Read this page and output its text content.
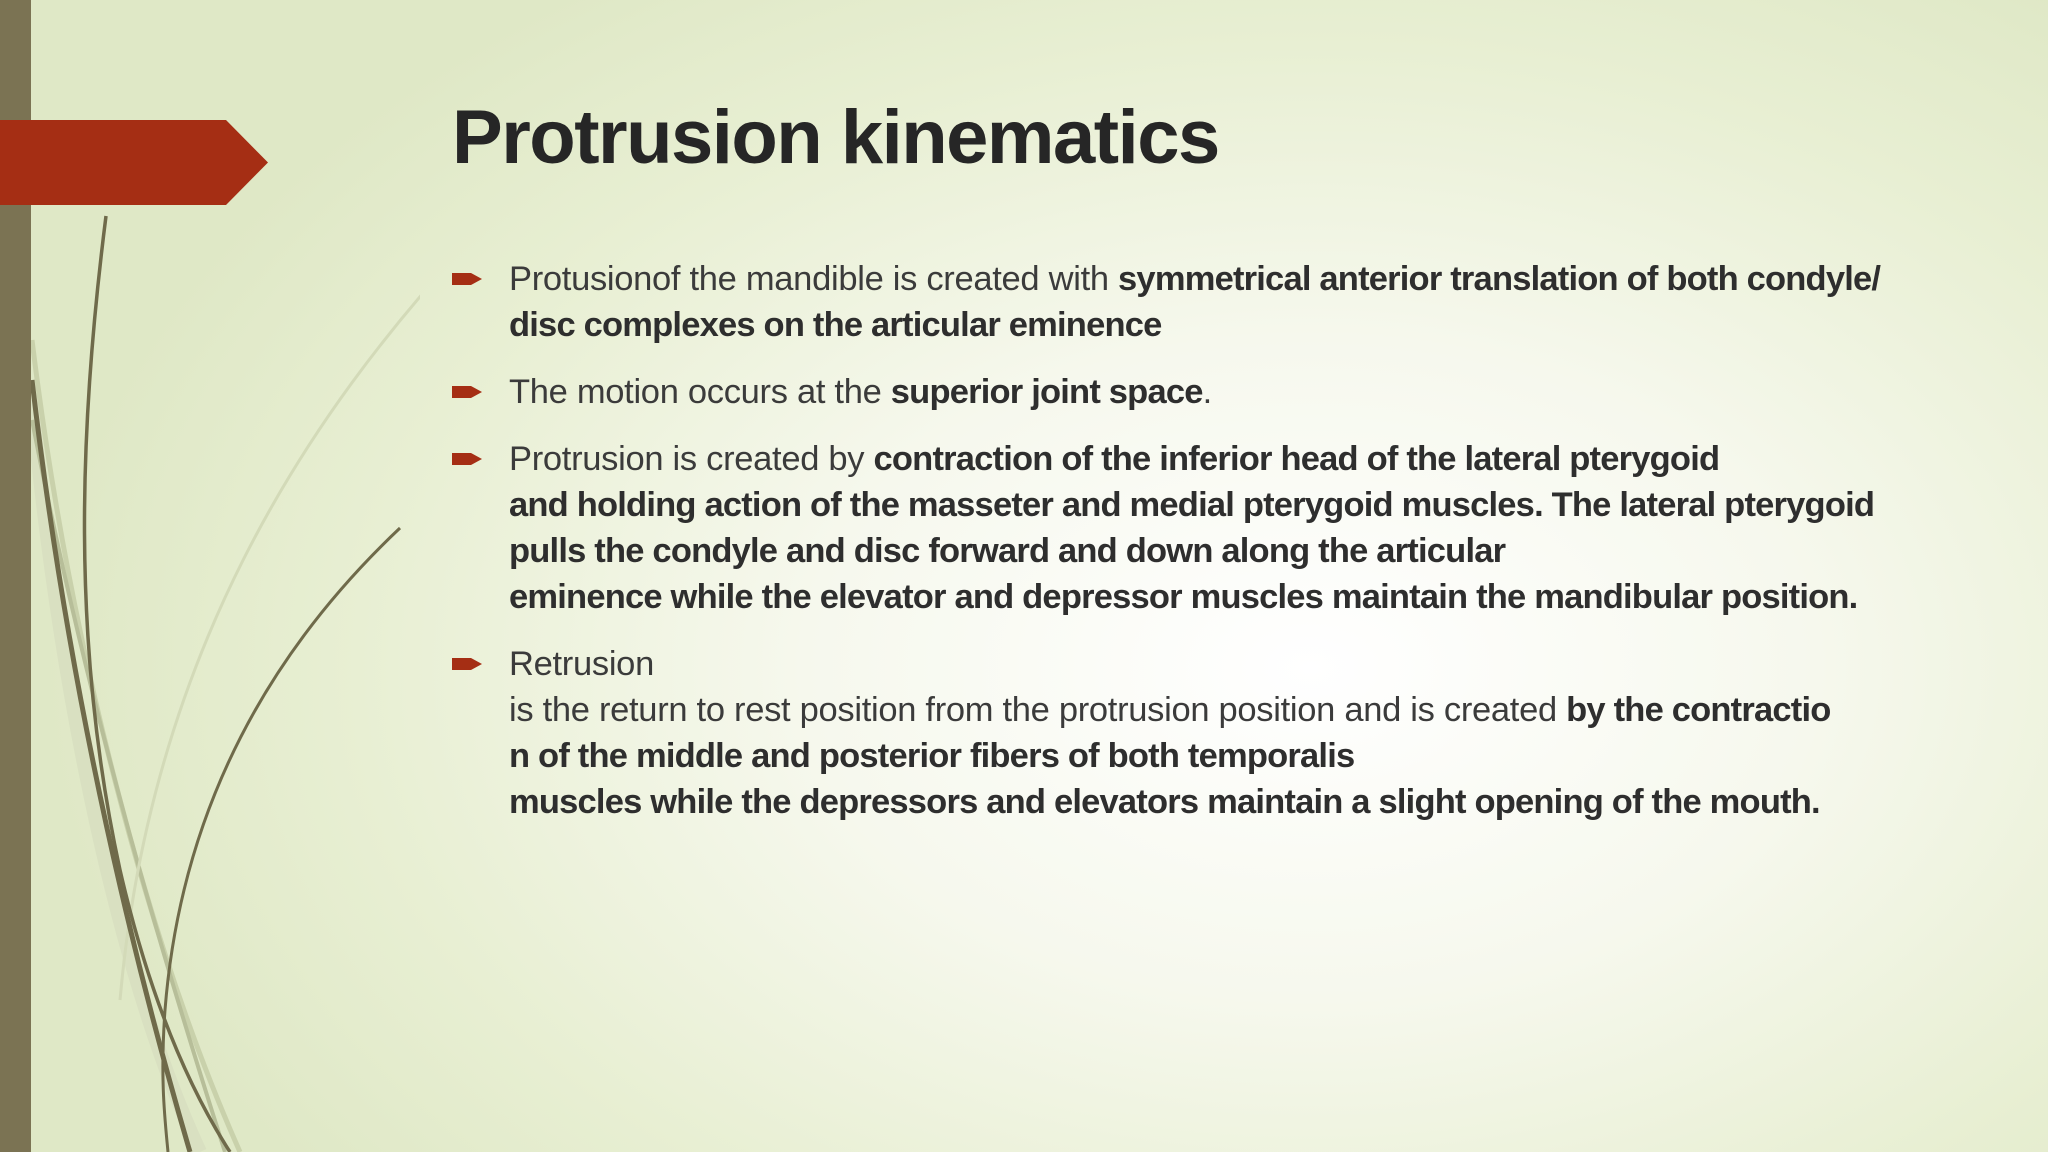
Protrusion kinematics
Protusionof the mandible is created with symmetrical anterior translation of both condyle/
disc complexes on the articular eminence
The motion occurs at the superior joint space.
Protrusion is created by contraction of the inferior head of the lateral pterygoid
and holding action of the masseter and medial pterygoid muscles. The lateral pterygoid
pulls the condyle and disc forward and down along the articular
eminence while the elevator and depressor muscles maintain the mandibular position.
Retrusion
is the return to rest position from the protrusion position and is created by the contractio
n of the middle and posterior fibers of both temporalis
muscles while the depressors and elevators maintain a slight opening of the mouth.
